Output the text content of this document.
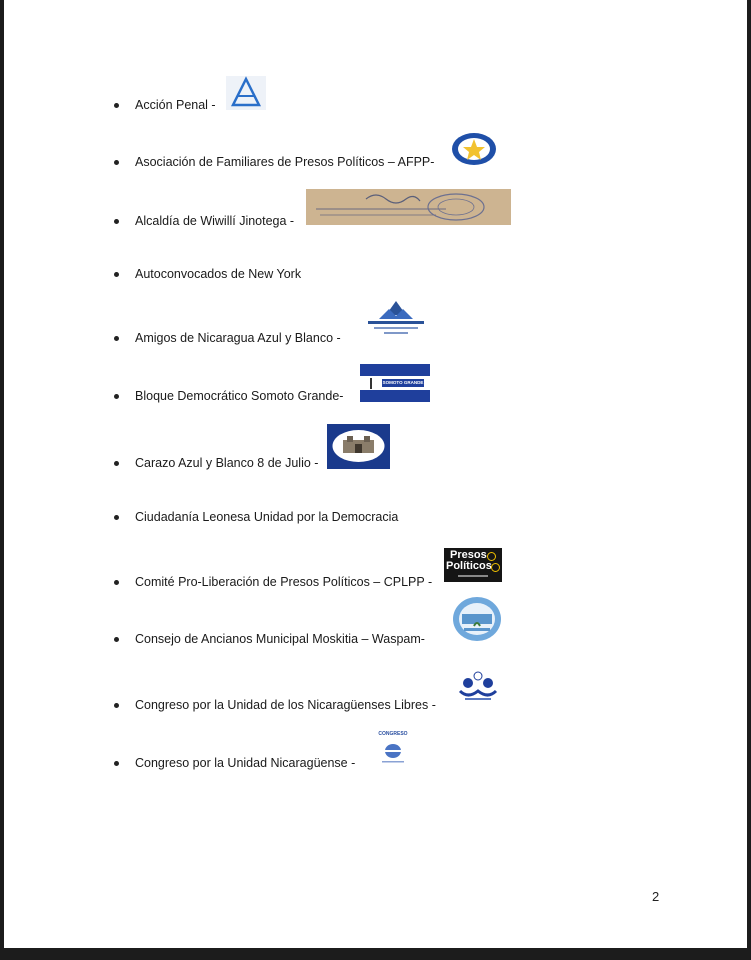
Acción Penal -
Asociación de Familiares de Presos Políticos – AFPP-
Alcaldía de Wiwillí Jinotega -
Autoconvocados de New York
Amigos de Nicaragua Azul y Blanco -
Bloque Democrático Somoto Grande-
SOMOTO GRANDE
Carazo Azul y Blanco 8 de Julio -
Ciudadanía Leonesa Unidad por la Democracia
Comité Pro-Liberación de Presos Políticos – CPLPP -
Presos
Políticos
Consejo de Ancianos Municipal Moskitia – Waspam-
Congreso por la Unidad de los Nicaragüenses Libres -
Congreso por la Unidad Nicaragüense -
CONGRESO
2
